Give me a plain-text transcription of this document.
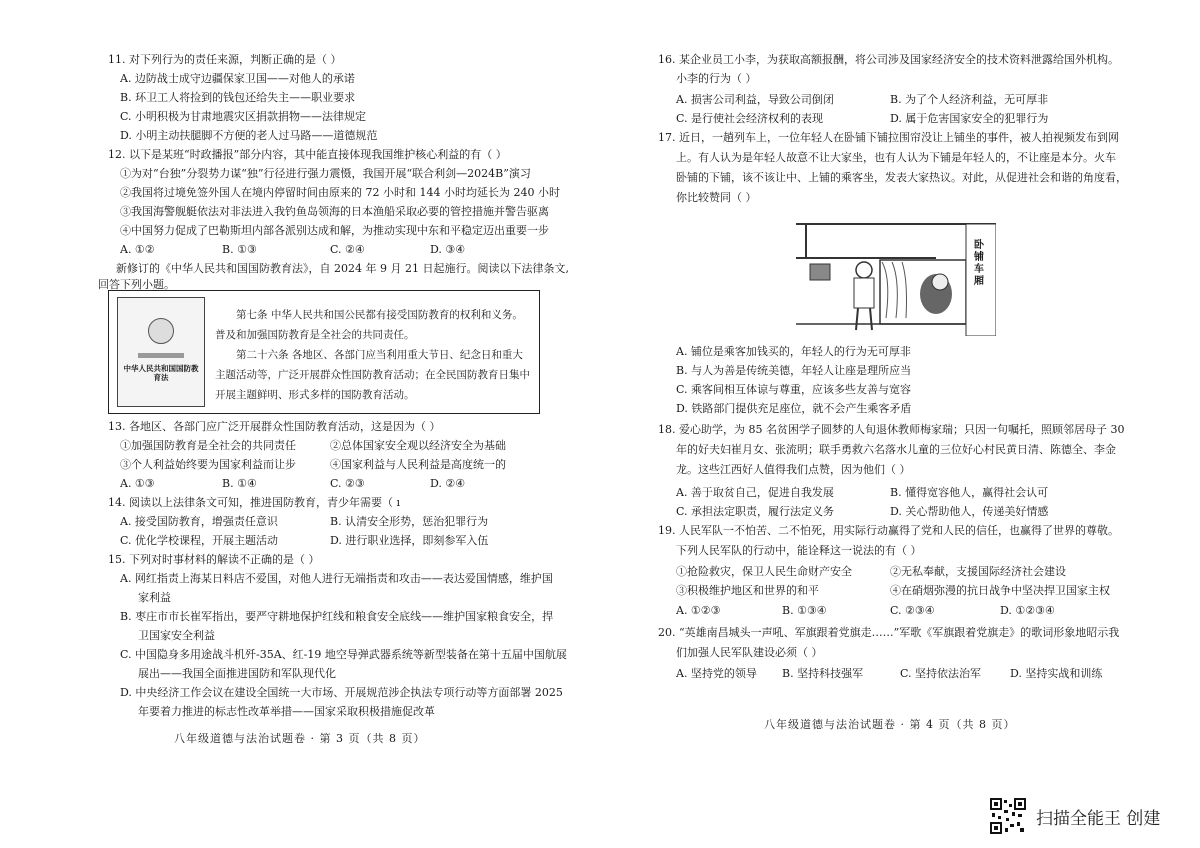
11. 对下列行为的责任来源，判断正确的是（ ）
A. 边防战士成守边疆保家卫国——对他人的承诺
B. 环卫工人将捡到的钱包还给失主——职业要求
C. 小明积极为甘肃地震灾区捐款捐物——法律规定
D. 小明主动扶腿脚不方便的老人过马路——道德规范
12. 以下是某班“时政播报”部分内容，其中能直接体现我国维护核心利益的有（ ）
①为对“台独”分裂势力谋“独”行径进行强力震慑，我国开展“联合利剑—2024B”演习
②我国将过境免签外国人在境内停留时间由原来的 72 小时和 144 小时均延长为 240 小时
③我国海警舰艇依法对非法进入我钓鱼岛领海的日本渔船采取必要的管控措施并警告驱离
④中国努力促成了巴勒斯坦内部各派别达成和解，为推动实现中东和平稳定迈出重要一步
A. ①②	B. ①③	C. ②④	D. ③④
新修订的《中华人民共和国国防教育法》，自 2024 年 9 月 21 日起施行。阅读以下法律条文,
回答下列小题。
中华人民共和国国防教育法
第七条 中华人民共和国公民都有接受国防教育的权利和义务。普及和加强国防教育是全社会的共同责任。
第二十六条 各地区、各部门应当利用重大节日、纪念日和重大主题活动等，广泛开展群众性国防教育活动；在全民国防教育日集中开展主题鲜明、形式多样的国防教育活动。
13. 各地区、各部门应广泛开展群众性国防教育活动，这是因为（ ）
①加强国防教育是全社会的共同责任	②总体国家安全观以经济安全为基础
③个人利益始终要为国家利益而让步	④国家利益与人民利益是高度统一的
A. ①③	B. ①④	C. ②③	D. ②④
14. 阅读以上法律条文可知，推进国防教育，青少年需要（ ı
A. 接受国防教育，增强责任意识	B. 认清安全形势，惩治犯罪行为
C. 优化学校课程，开展主题活动	D. 进行职业选择，即刻参军入伍
15. 下列对时事材料的解读不正确的是（ ）
A. 网红指责上海某日料店不爱国，对他人进行无端指责和攻击——表达爱国情感，维护国
家利益
B. 枣庄市市长崔军指出，要严守耕地保护红线和粮食安全底线——维护国家粮食安全，捍
卫国家安全利益
C. 中国隐身多用途战斗机歼-35A、红-19 地空导弹武器系统等新型装备在第十五届中国航展
展出——我国全面推进国防和军队现代化
D. 中央经济工作会议在建设全国统一大市场、开展规范涉企执法专项行动等方面部署 2025
年要着力推进的标志性改革举措——国家采取积极措施促改革
八年级道德与法治试题卷 · 第 3 页（共 8 页）
16. 某企业员工小李，为获取高额报酬，将公司涉及国家经济安全的技术资料泄露给国外机构。
小李的行为（ ）
A. 损害公司利益，导致公司倒闭	B. 为了个人经济利益，无可厚非
C. 是行使社会经济权利的表现	D. 属于危害国家安全的犯罪行为
17. 近日，一趟列车上，一位年轻人在卧铺下铺拉围帘没让上铺坐的事件，被人拍视频发布到网
上。有人认为是年轻人故意不让大家坐，也有人认为下铺是年轻人的，不让座是本分。火车
卧铺的下铺，该不该让中、上铺的乘客坐，发表大家热议。对此，从促进社会和谐的角度看，
你比较赞同（ ）
卧铺车厢
A. 铺位是乘客加钱买的，年轻人的行为无可厚非
B. 与人为善是传统美德，年轻人让座是理所应当
C. 乘客间相互体谅与尊重，应该多些友善与宽容
D. 铁路部门提供充足座位，就不会产生乘客矛盾
18. 爱心助学，为 85 名贫困学子圆梦的人旬退休教师梅家瑞；只因一句嘱托，照顾邻居母子 30
年的好夫妇崔月女、张流明；联手勇救六名落水儿童的三位好心村民黄日清、陈德全、李金
龙。这些江西好人值得我们点赞，因为他们（ ）
A. 善于取贫自己，促进自我发展	B. 懂得宽容他人，赢得社会认可
C. 承担法定职责，履行法定义务	D. 关心帮助他人，传递美好情感
19. 人民军队一不怕苦、二不怕死，用实际行动赢得了党和人民的信任，也赢得了世界的尊敬。
下列人民军队的行动中，能诠释这一说法的有（ ）
①抢险救灾，保卫人民生命财产安全	②无私奉献，支援国际经济社会建设
③积极维护地区和世界的和平	④在硝烟弥漫的抗日战争中坚决捍卫国家主权
A. ①②③	B. ①③④	C. ②③④	D. ①②③④
20. “英雄南昌城头一声吼、军旗跟着党旗走……”军歌《军旗跟着党旗走》的歌词形象地昭示我
们加强人民军队建设必须（ ）
A. 坚持党的领导 B. 坚持科技强军	C. 坚持依法治军	D. 坚持实战和训练
八年级道德与法治试题卷 · 第 4 页（共 8 页）
扫描全能王 创建
